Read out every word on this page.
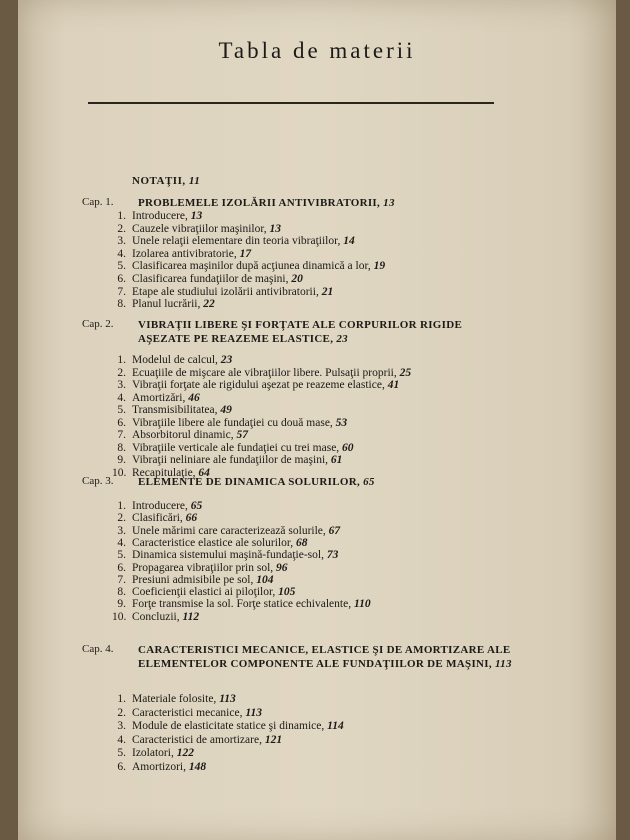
Tabla de materii
NOTAŢII, 11
Cap. 1. PROBLEMELE IZOLĂRII ANTIVIBRATORII, 13
Cap. 2. VIBRAŢII LIBERE ŞI FORŢATE ALE CORPURILOR RIGIDE AŞEZATE PE REAZEME ELASTICE, 23
Cap. 3. ELEMENTE DE DINAMICA SOLURILOR, 65
Cap. 4. CARACTERISTICI MECANICE, ELASTICE ŞI DE AMORTIZARE ALE ELEMENTELOR COMPONENTE ALE FUNDAŢIILOR DE MAŞINI, 113
1. Introducere, 13
2. Cauzele vibraţiilor maşinilor, 13
3. Unele relaţii elementare din teoria vibraţiilor, 14
4. Izolarea antivibratorie, 17
5. Clasificarea maşinilor după acţiunea dinamică a lor, 19
6. Clasificarea fundaţiilor de maşini, 20
7. Etape ale studiului izolării antivibratorii, 21
8. Planul lucrării, 22
1. Modelul de calcul, 23
2. Ecuaţiile de mişcare ale vibraţiilor libere. Pulsaţii proprii, 25
3. Vibraţii forţate ale rigidului aşezat pe reazeme elastice, 41
4. Amortizări, 46
5. Transmisibilitatea, 49
6. Vibraţiile libere ale fundaţiei cu două mase, 53
7. Absorbitorul dinamic, 57
8. Vibraţiile verticale ale fundaţiei cu trei mase, 60
9. Vibraţii neliniare ale fundaţiilor de maşini, 61
10. Recapitulaţie, 64
1. Introducere, 65
2. Clasificări, 66
3. Unele mărimi care caracterizează solurile, 67
4. Caracteristice elastice ale solurilor, 68
5. Dinamica sistemului maşină-fundaţie-sol, 73
6. Propagarea vibraţiilor prin sol, 96
7. Presiuni admisibile pe sol, 104
8. Coeficienţii elastici ai piloţilor, 105
9. Forţe transmise la sol. Forţe statice echivalente, 110
10. Concluzii, 112
1. Materiale folosite, 113
2. Caracteristici mecanice, 113
3. Module de elasticitate statice şi dinamice, 114
4. Caracteristici de amortizare, 121
5. Izolatori, 122
6. Amortizori, 148
